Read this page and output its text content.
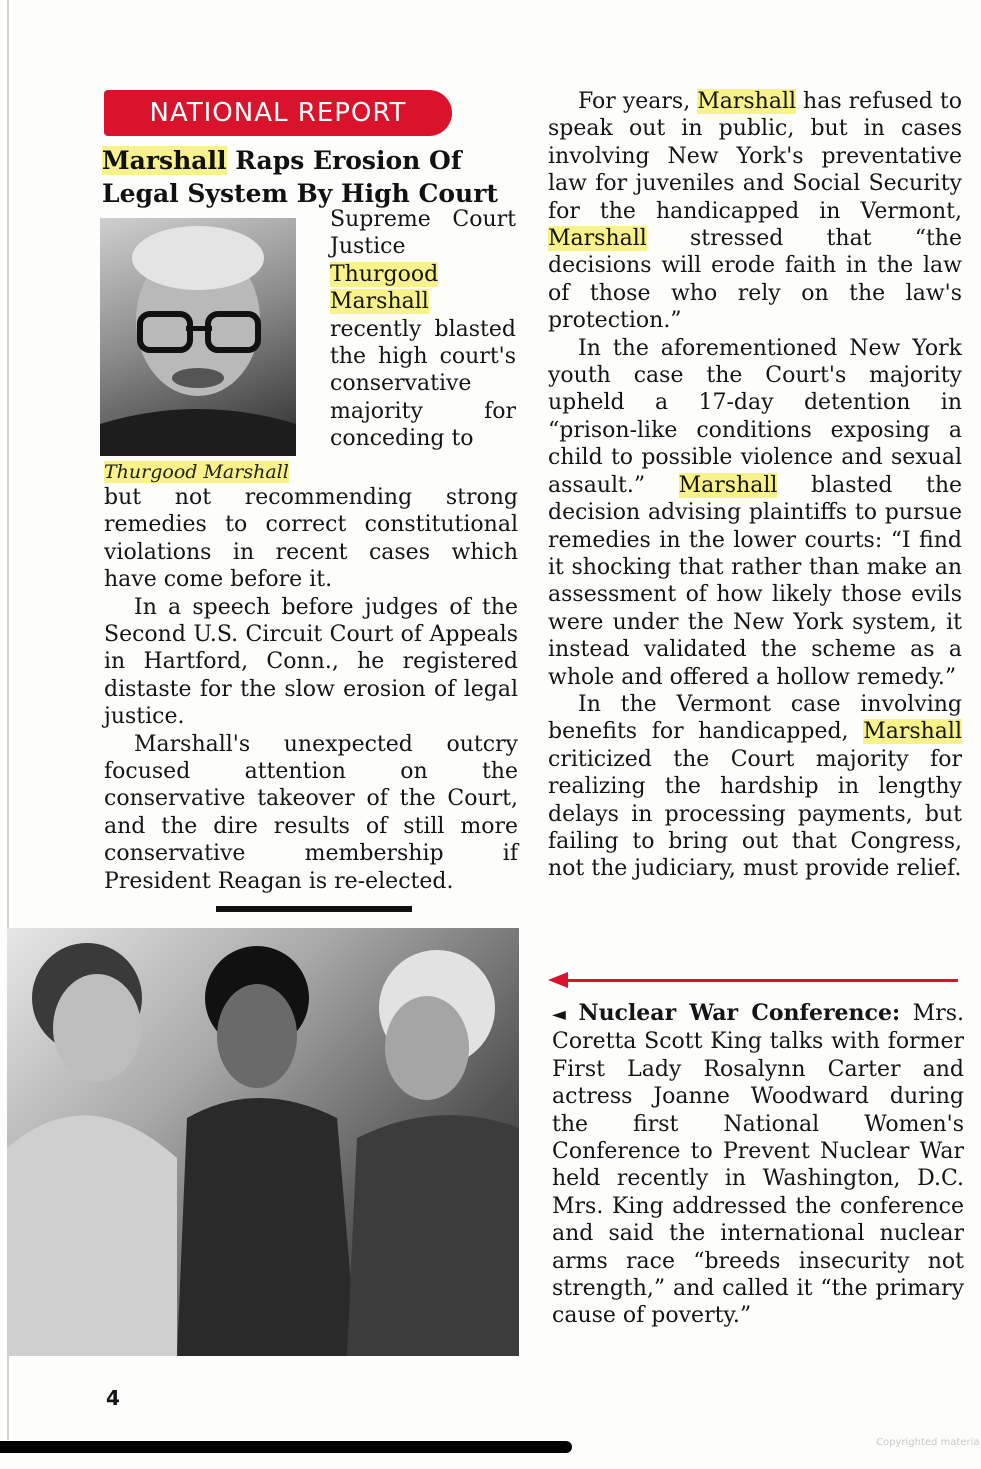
NATIONAL REPORT
Marshall Raps Erosion Of Legal System By High Court
Thurgood Marshall

Supreme Court Justice Thurgood Marshall recently blasted the high court's conservative majority for conceding to

but not recommending strong remedies to correct constitutional violations in recent cases which have come before it.

In a speech before judges of the Second U.S. Circuit Court of Appeals in Hartford, Conn., he registered distaste for the slow erosion of legal justice.

Marshall's unexpected outcry focused attention on the conservative takeover of the Court, and the dire results of still more conservative membership if President Reagan is re-elected.

For years, Marshall has refused to speak out in public, but in cases involving New York's preventative law for juveniles and Social Security for the handicapped in Vermont, Marshall stressed that “the decisions will erode faith in the law of those who rely on the law's protection.”

In the aforementioned New York youth case the Court's majority upheld a 17-day detention in “prison-like conditions exposing a child to possible violence and sexual assault.” Marshall blasted the decision advising plaintiffs to pursue remedies in the lower courts: “I find it shocking that rather than make an assessment of how likely those evils were under the New York system, it instead validated the scheme as a whole and offered a hollow remedy.”

In the Vermont case involving benefits for handicapped, Marshall criticized the Court majority for realizing the hardship in lengthy delays in processing payments, but failing to bring out that Congress, not the judiciary, must provide relief.

◄ Nuclear War Conference: Mrs. Coretta Scott King talks with former First Lady Rosalynn Carter and actress Joanne Woodward during the first National Women's Conference to Prevent Nuclear War held recently in Washington, D.C. Mrs. King addressed the conference and said the international nuclear arms race “breeds insecurity not strength,” and called it “the primary cause of poverty.”

4
Copyrighted materia
